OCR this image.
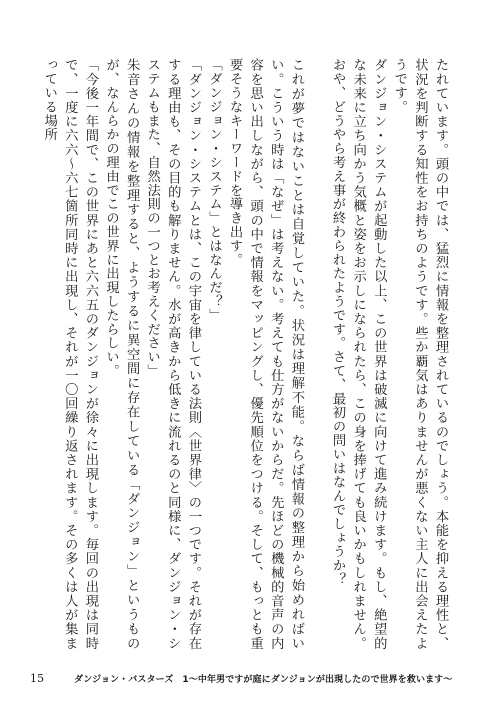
たれています。頭の中では、猛烈に情報を整理されているのでしょう。本能を抑える理性と、状況を判断する知性をお持ちのようです。些か覇気はありませんが悪くない主人に出会えたようです。

ダンジョン・システムが起動した以上、この世界は破滅に向けて進み続けます。もし、絶望的な未来に立ち向かう気概と姿をお示しになられたら、この身を捧げても良いかもしれません。おや、どうやら考え事が終わられたようです。さて、最初の問いはなんでしょうか？

これが夢ではないことは自覚していた。状況は理解不能。ならば情報の整理から始めればいい。こういう時は「なぜ」は考えない。考えても仕方がないからだ。先ほどの機械的音声の内容を思い出しながら、頭の中で情報をマッピングし、優先順位をつける。そして、もっとも重要そうなキーワードを導き出す。

「ダンジョン・システム」とはなんだ？」

「ダンジョン・システムとは、この宇宙を律している法則〈世界律〉の一つです。それが存在する理由も、その目的も解りません。水が高きから低きに流れるのと同様に、ダンジョン・システムもまた、自然法則の一つとお考えください」

朱音さんの情報を整理すると、ようするに異空間に存在している「ダンジョン」というものが、なんらかの理由でこの世界に出現したらしい。

「今後一年間で、この世界にあと六六五のダンジョンが徐々に出現します。毎回の出現は同時で、一度に六六～六七箇所同時に出現し、それが一〇回繰り返されます。その多くは人が集まっている場所

15	ダンジョン・バスターズ　1～中年男ですが庭にダンジョンが出現したので世界を救います～
